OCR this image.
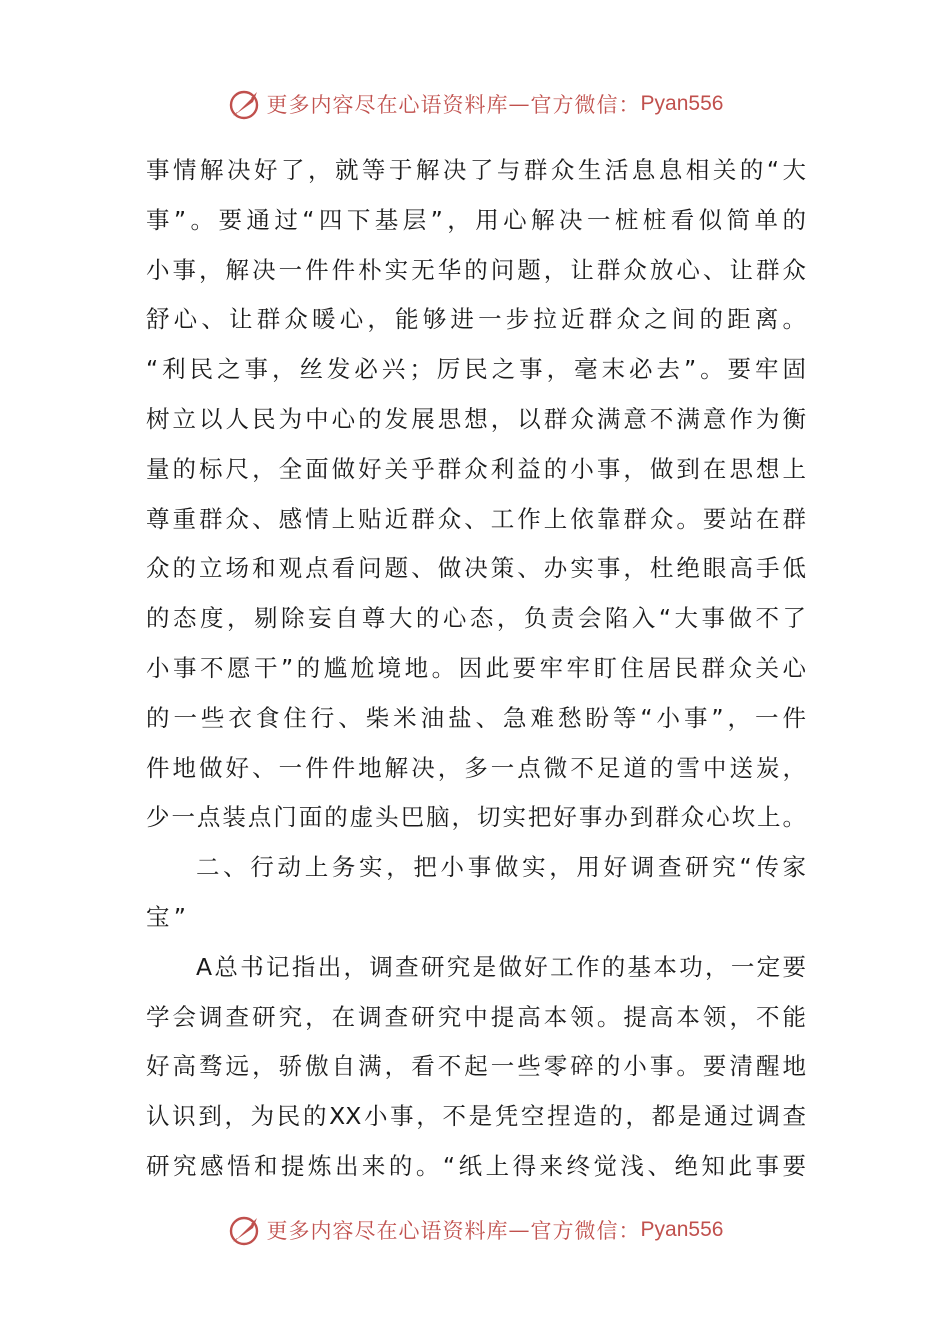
更多内容尽在心语资料库 — 官方微信： Pyan556
事情解决好了，就等于解决了与群众生活息息相关的“大
事”。要通过“四下基层”，用心解决一桩桩看似简单的
小事，解决一件件朴实无华的问题，让群众放心、让群众
舒心、让群众暖心，能够进一步拉近群众之间的距离。
“利民之事，丝发必兴；厉民之事，毫末必去”。要牢固
树立以人民为中心的发展思想，以群众满意不满意作为衡
量的标尺，全面做好关乎群众利益的小事，做到在思想上
尊重群众、感情上贴近群众、工作上依靠群众。要站在群
众的立场和观点看问题、做决策、办实事，杜绝眼高手低
的态度，剔除妄自尊大的心态，负责会陷入“大事做不了
小事不愿干”的尴尬境地。因此要牢牢盯住居民群众关心
的一些衣食住行、柴米油盐、急难愁盼等“小事”，一件
件地做好、一件件地解决，多一点微不足道的雪中送炭，
少一点装点门面的虚头巴脑，切实把好事办到群众心坎上。
二、行动上务实，把小事做实，用好调查研究“传家
宝”
A总书记指出，调查研究是做好工作的基本功，一定要
学会调查研究，在调查研究中提高本领。提高本领，不能
好高骛远，骄傲自满，看不起一些零碎的小事。要清醒地
认识到，为民的XX小事，不是凭空捏造的，都是通过调查
研究感悟和提炼出来的。“纸上得来终觉浅、绝知此事要
更多内容尽在心语资料库 — 官方微信： Pyan556
